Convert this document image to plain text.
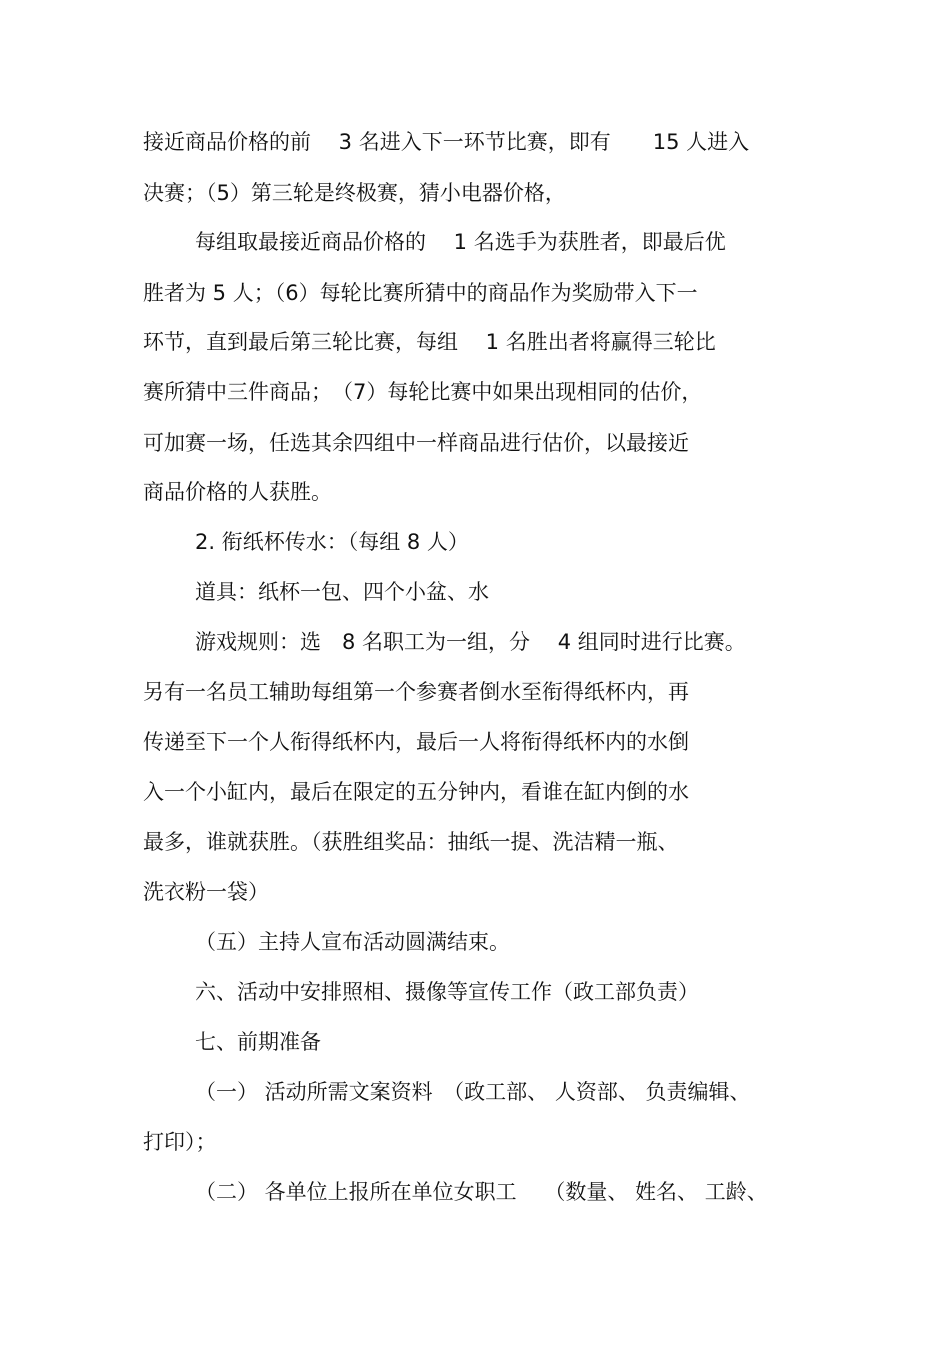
接近商品价格的前　 3 名进入下一环节比赛，即有　　15 人进入
决赛；（5）第三轮是终极赛，猜小电器价格，
每组取最接近商品价格的　 1 名选手为获胜者，即最后优
胜者为 5 人；（6）每轮比赛所猜中的商品作为奖励带入下一
环节，直到最后第三轮比赛，每组　 1 名胜出者将赢得三轮比
赛所猜中三件商品；　（7）每轮比赛中如果出现相同的估价，
可加赛一场，任选其余四组中一样商品进行估价，以最接近
商品价格的人获胜。
2. 衔纸杯传水：（每组 8 人）
道具：纸杯一包、四个小盆、水
游戏规则：选　8 名职工为一组，分　 4 组同时进行比赛。
另有一名员工辅助每组第一个参赛者倒水至衔得纸杯内，再
传递至下一个人衔得纸杯内，最后一人将衔得纸杯内的水倒
入一个小缸内，最后在限定的五分钟内，看谁在缸内倒的水
最多，谁就获胜。（获胜组奖品：抽纸一提、洗洁精一瓶、
洗衣粉一袋）
（五）主持人宣布活动圆满结束。
六、活动中安排照相、摄像等宣传工作（政工部负责）
七、前期准备
（一） 活动所需文案资料　（政工部、 人资部、 负责编辑、
打印）；
（二） 各单位上报所在单位女职工　 （数量、 姓名、 工龄、
